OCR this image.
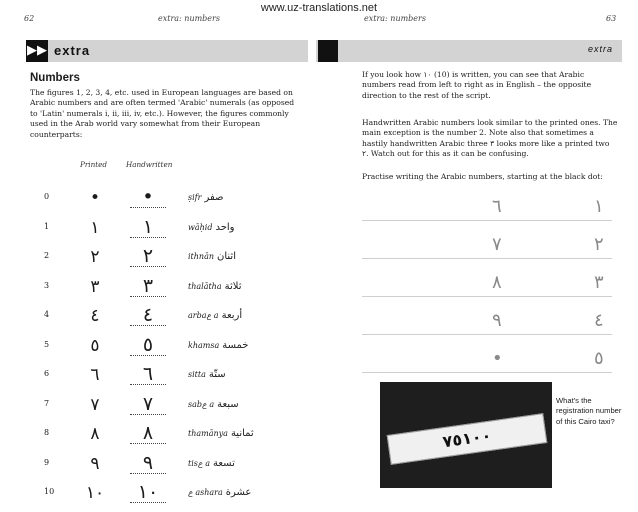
www.uz-translations.net
62	extra: numbers
▶▶ extra
Numbers
The figures 1, 2, 3, 4, etc. used in European languages are based on Arabic numbers and are often termed 'Arabic' numerals (as opposed to 'Latin' numerals i, ii, iii, iv, etc.). However, the figures commonly used in the Arab world vary somewhat from their European counterparts:
Printed	Handwritten
0	•	•	ṣifr صفر
1	١	١	wāḥid واحد
2	٢	٢	ithnān اثنان
3	٣	٣	thalātha ثلاثة
4	٤	٤	arbaع a أربعة
5	٥	٥	khamsa خمسة
6	٦	٦	sitta ستّة
7	٧	٧	sabع a سبعة
8	٨	٨	thamānya ثمانية
9	٩	٩	tisع a تسعة
10	١٠	١٠	ع ashara عشرة
extra: numbers	63
extra
If you look how ١٠ (10) is written, you can see that Arabic numbers read from left to right as in English – the opposite direction to the rest of the script.
Handwritten Arabic numbers look similar to the printed ones. The main exception is the number 2. Note also that sometimes a hastily handwritten Arabic three ٣ looks more like a printed two ٢. Watch out for this as it can be confusing.
Practise writing the Arabic numbers, starting at the black dot:
٦	١
٧	٢
٨	٣
٩	٤
•	٥
٧٥١٠٠
What's the registration number of this Cairo taxi?
